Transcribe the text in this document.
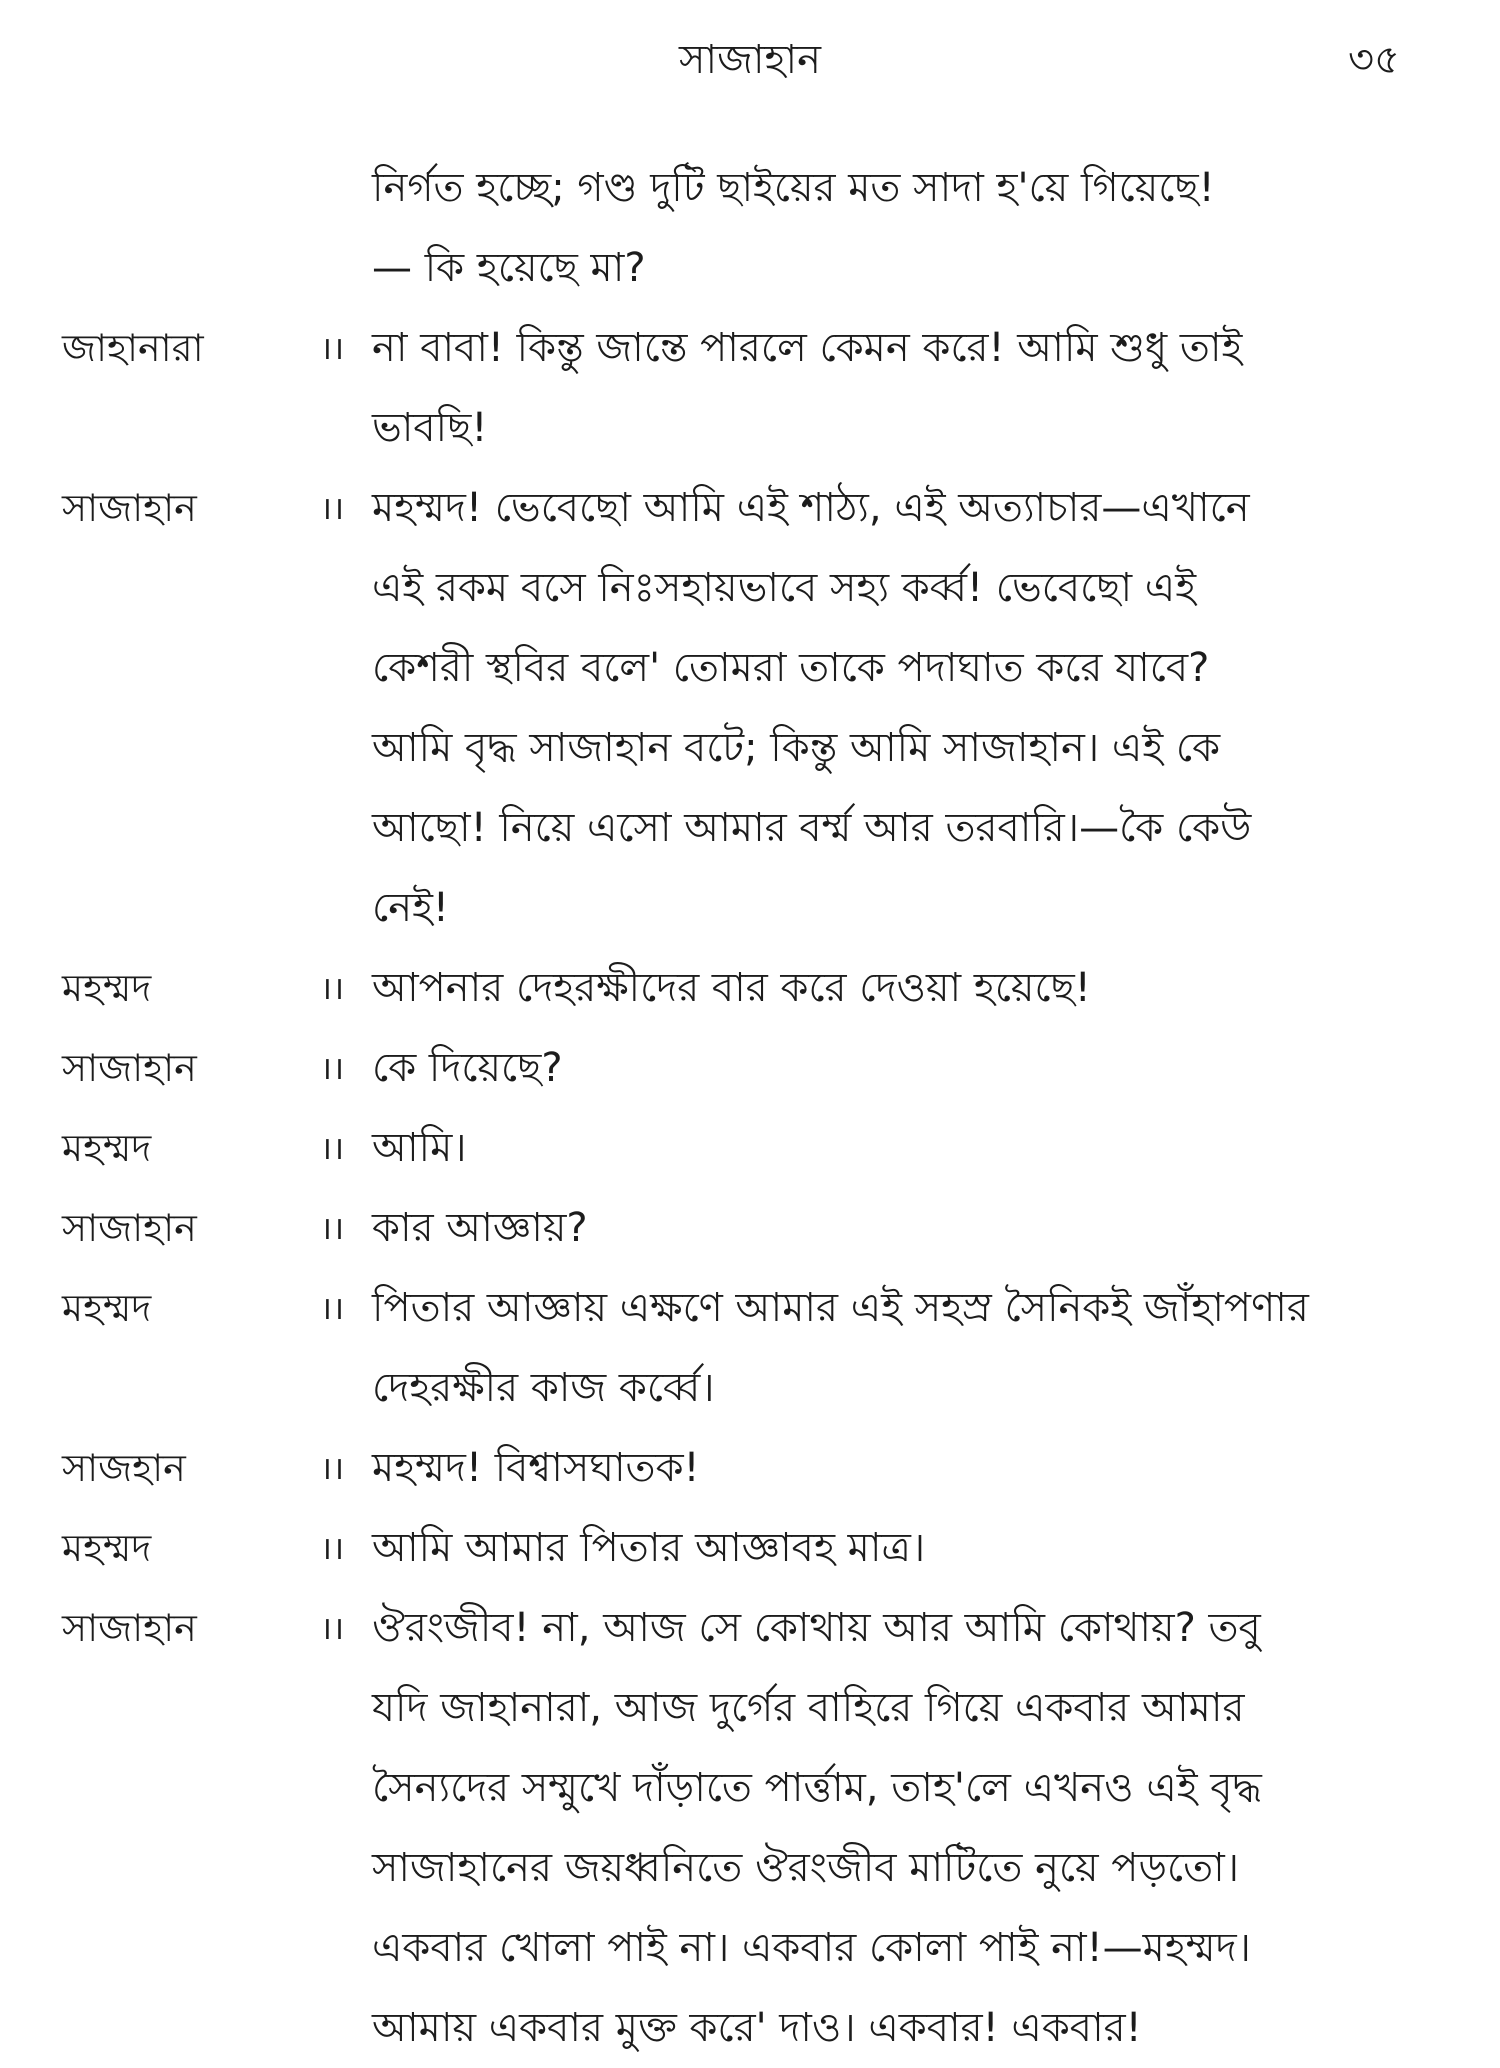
সাজাহান	৩৫
নির্গত হচ্ছে; গণ্ড দুটি ছাইয়ের মত সাদা হ'য়ে গিয়েছে!
— কি হয়েছে মা?
জাহানারা	।। না বাবা! কিন্তু জান্তে পারলে কেমন করে! আমি শুধু তাই
ভাবছি!
সাজাহান	।। মহম্মদ! ভেবেছো আমি এই শাঠ্য, এই অত্যাচার—এখানে
এই রকম বসে নিঃসহায়ভাবে সহ্য কর্ব্ব! ভেবেছো এই
কেশরী স্থবির বলে' তোমরা তাকে পদাঘাত করে যাবে?
আমি বৃদ্ধ সাজাহান বটে; কিন্তু আমি সাজাহান। এই কে
আছো! নিয়ে এসো আমার বর্ম্ম আর তরবারি।—কৈ কেউ
নেই!
মহম্মদ	।। আপনার দেহরক্ষীদের বার করে দেওয়া হয়েছে!
সাজাহান	।। কে দিয়েছে?
মহম্মদ	।। আমি।
সাজাহান	।। কার আজ্ঞায়?
মহম্মদ	।। পিতার আজ্ঞায় এক্ষণে আমার এই সহস্র সৈনিকই জাঁহাপণার
দেহরক্ষীর কাজ কর্ব্বে।
সাজহান	।। মহম্মদ! বিশ্বাসঘাতক!
মহম্মদ	।। আমি আমার পিতার আজ্ঞাবহ মাত্র।
সাজাহান	।। ঔরংজীব! না, আজ সে কোথায় আর আমি কোথায়? তবু
যদি জাহানারা, আজ দুর্গের বাহিরে গিয়ে একবার আমার
সৈন্যদের সম্মুখে দাঁড়াতে পার্ত্তাম, তাহ'লে এখনও এই বৃদ্ধ
সাজাহানের জয়ধ্বনিতে ঔরংজীব মাটিতে নুয়ে পড়তো।
একবার খোলা পাই না। একবার কোলা পাই না!—মহম্মদ।
আমায় একবার মুক্ত করে' দাও। একবার! একবার!
